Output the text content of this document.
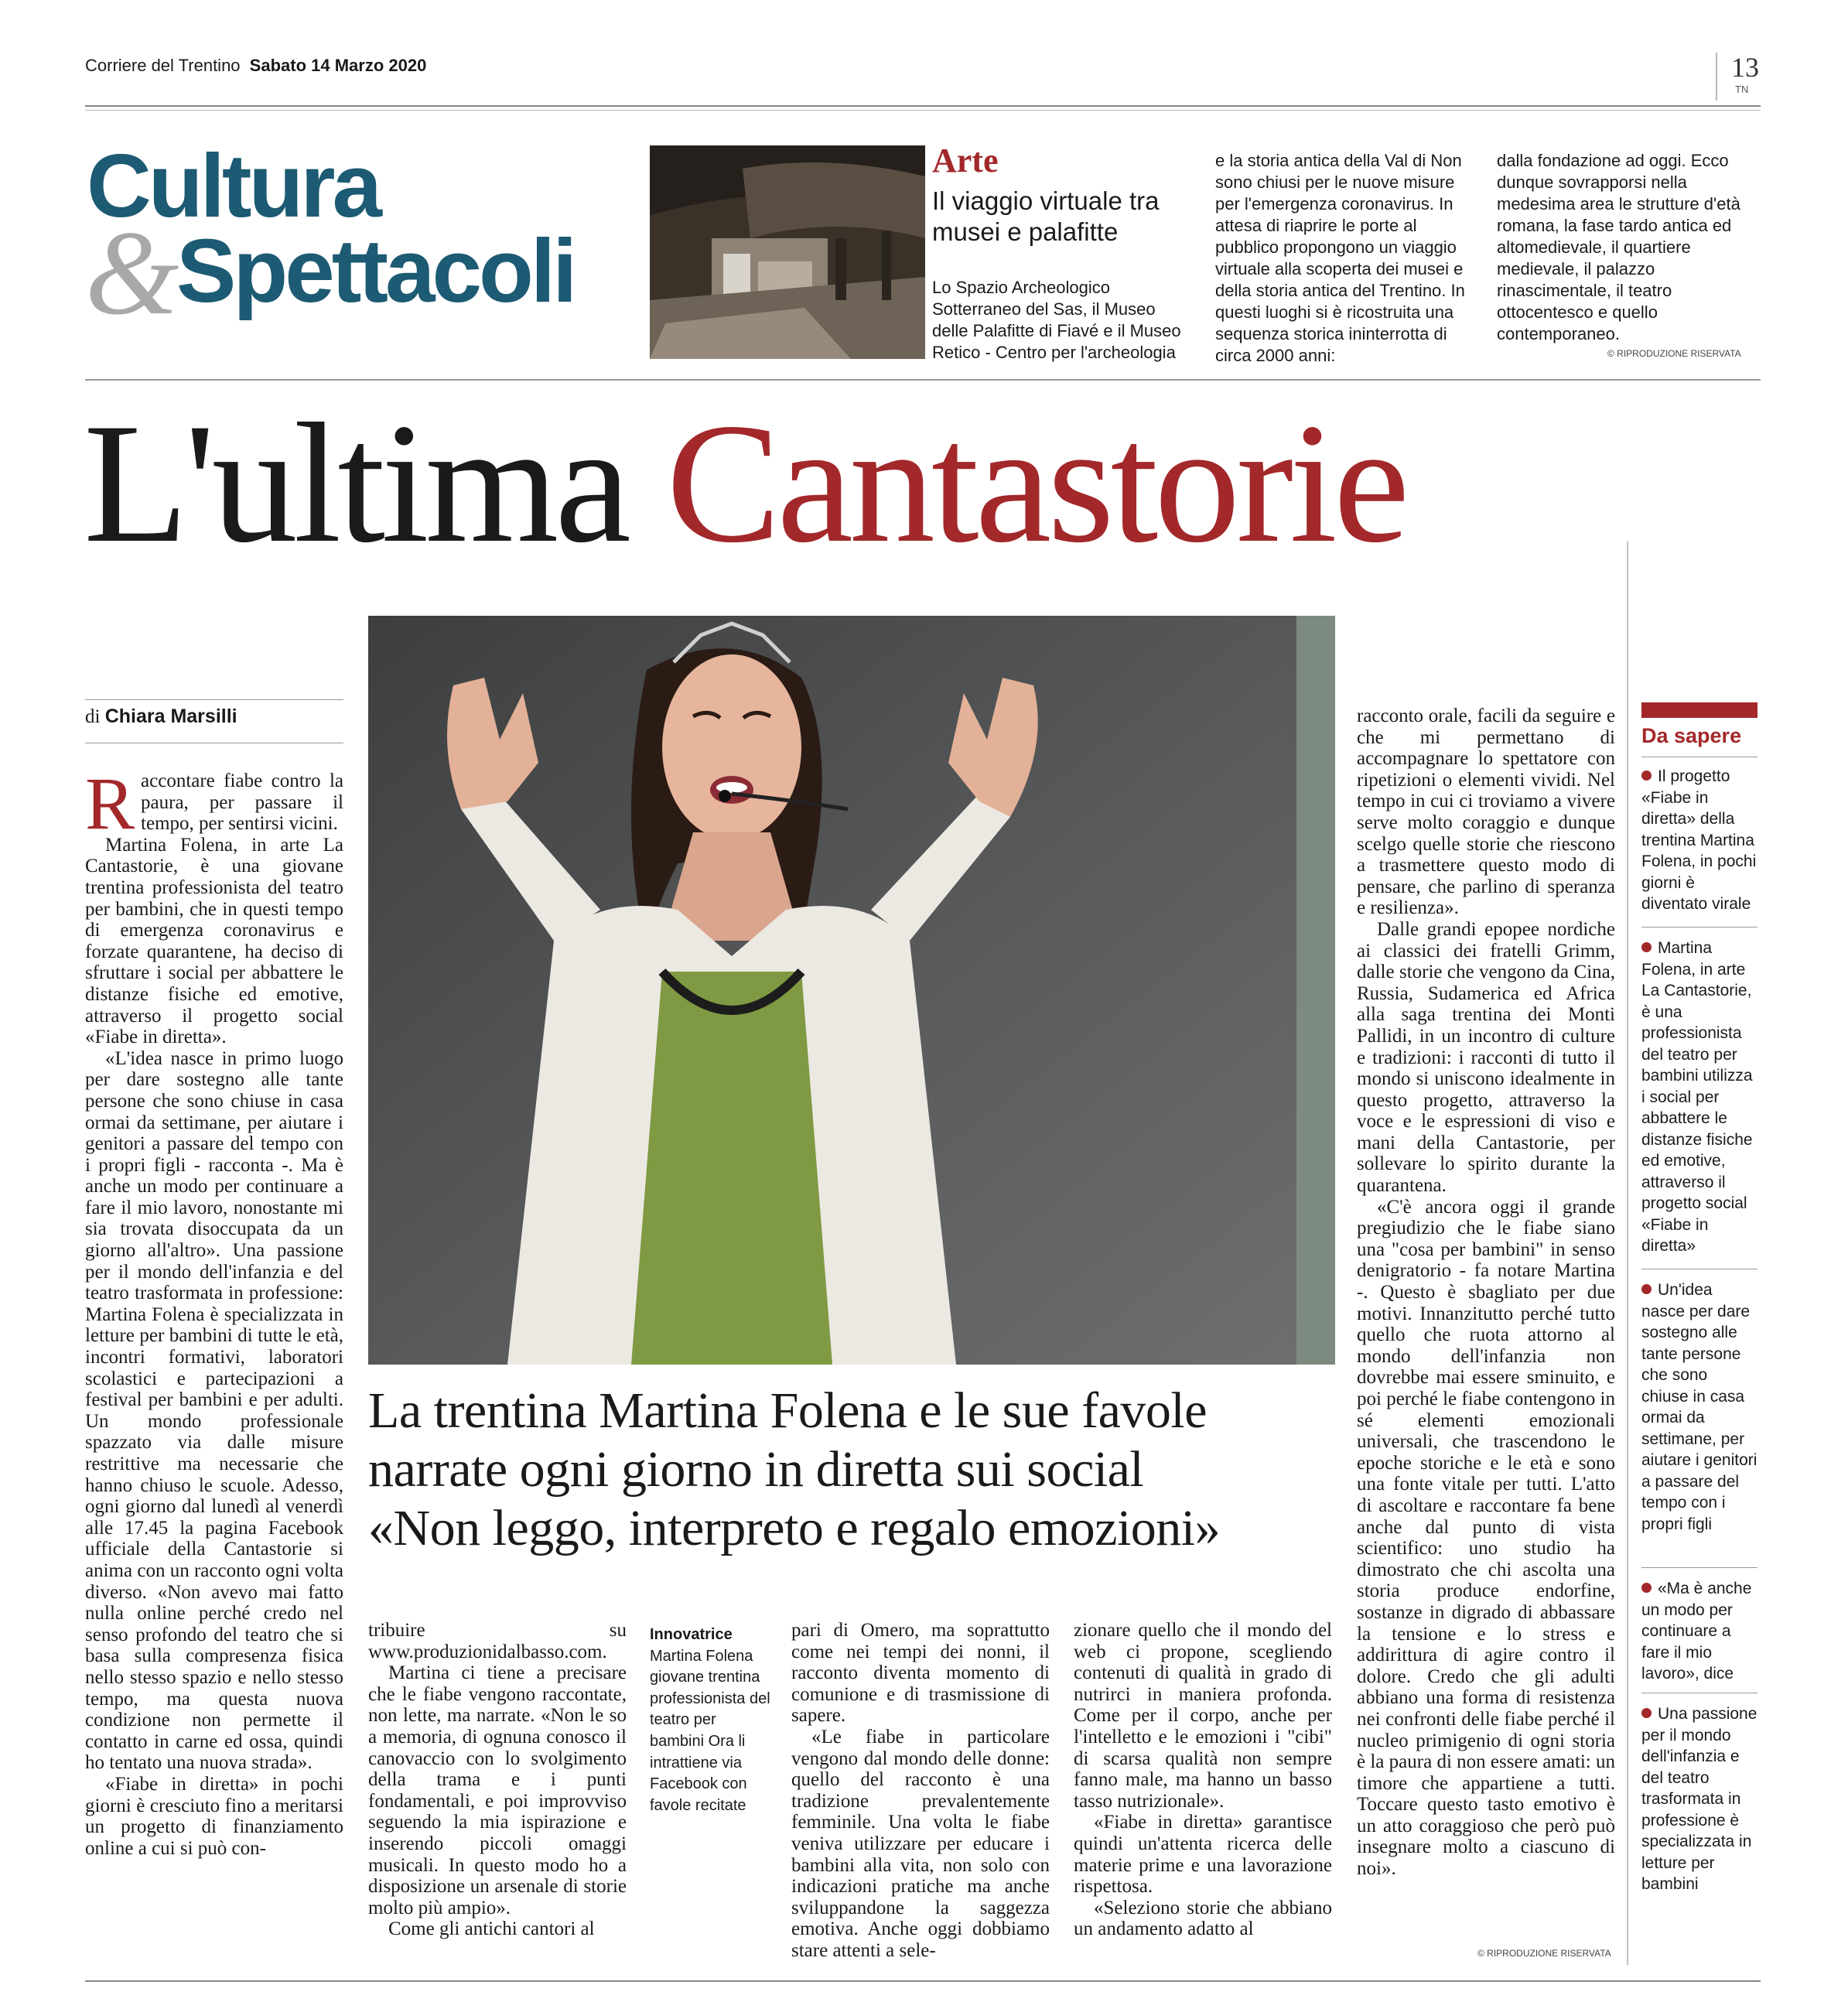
Corriere del Trentino Sabato 14 Marzo 2020	13
TN
Cultura
&
Spettacoli
Arte
Il viaggio virtuale tra musei e palafitte
Lo Spazio Archeologico Sotterraneo del Sas, il Museo delle Palafitte di Fiavé e il Museo Retico - Centro per l'archeologia
e la storia antica della Val di Non sono chiusi per le nuove misure per l'emergenza coronavirus. In attesa di riaprire le porte al pubblico propongono un viaggio virtuale alla scoperta dei musei e della storia antica del Trentino. In questi luoghi si è ricostruita una sequenza storica ininterrotta di circa 2000 anni:
dalla fondazione ad oggi. Ecco dunque sovrapporsi nella medesima area le strutture d'età romana, la fase tardo antica ed altomedievale, il quartiere medievale, il palazzo rinascimentale, il teatro ottocentesco e quello contemporaneo.
© RIPRODUZIONE RISERVATA
L'ultima Cantastorie
La trentina Martina Folena e le sue favole
narrate ogni giorno in diretta sui social
«Non leggo, interpreto e regalo emozioni»
di Chiara Marsilli

Raccontare fiabe contro la paura, per passare il tempo, per sentirsi vicini.

Martina Folena, in arte La Cantastorie, è una giovane trentina professionista del teatro per bambini, che in questi tempo di emergenza coronavirus e forzate quarantene, ha deciso di sfruttare i social per abbattere le distanze fisiche ed emotive, attraverso il progetto social «Fiabe in diretta».

«L'idea nasce in primo luogo per dare sostegno alle tante persone che sono chiuse in casa ormai da settimane, per aiutare i genitori a passare del tempo con i propri figli - racconta -. Ma è anche un modo per continuare a fare il mio lavoro, nonostante mi sia trovata disoccupata da un giorno all'altro». Una passione per il mondo dell'infanzia e del teatro trasformata in professione: Martina Folena è specializzata in letture per bambini di tutte le età, incontri formativi, laboratori scolastici e partecipazioni a festival per bambini e per adulti. Un mondo professionale spazzato via dalle misure restrittive ma necessarie che hanno chiuso le scuole. Adesso, ogni giorno dal lunedì al venerdì alle 17.45 la pagina Facebook ufficiale della Cantastorie si anima con un racconto ogni volta diverso. «Non avevo mai fatto nulla online perché credo nel senso profondo del teatro che si basa sulla compresenza fisica nello stesso spazio e nello stesso tempo, ma questa nuova condizione non permette il contatto in carne ed ossa, quindi ho tentato una nuova strada».

«Fiabe in diretta» in pochi giorni è cresciuto fino a meritarsi un progetto di finanziamento online a cui si può con-

tribuire su www.produzionidalbasso.com.

Martina ci tiene a precisare che le fiabe vengono raccontate, non lette, ma narrate. «Non le so a memoria, di ognuna conosco il canovaccio con lo svolgimento della trama e i punti fondamentali, e poi improvviso seguendo la mia ispirazione e inserendo piccoli omaggi musicali. In questo modo ho a disposizione un arsenale di storie molto più ampio».

Come gli antichi cantori al

Innovatrice
Martina Folena giovane trentina professionista del teatro per bambini Ora li intrattiene via Facebook con favole recitate

pari di Omero, ma soprattutto come nei tempi dei nonni, il racconto diventa momento di comunione e di trasmissione di sapere.

«Le fiabe in particolare vengono dal mondo delle donne: quello del racconto è una tradizione prevalentemente femminile. Una volta le fiabe veniva utilizzare per educare i bambini alla vita, non solo con indicazioni pratiche ma anche sviluppandone la saggezza emotiva. Anche oggi dobbiamo stare attenti a sele-

zionare quello che il mondo del web ci propone, scegliendo contenuti di qualità in grado di nutrirci in maniera profonda. Come per il corpo, anche per l'intelletto e le emozioni i "cibi" di scarsa qualità non sempre fanno male, ma hanno un basso tasso nutrizionale».

«Fiabe in diretta» garantisce quindi un'attenta ricerca delle materie prime e una lavorazione rispettosa.

«Seleziono storie che abbiano un andamento adatto al

racconto orale, facili da seguire e che mi permettano di accompagnare lo spettatore con ripetizioni o elementi vividi. Nel tempo in cui ci troviamo a vivere serve molto coraggio e dunque scelgo quelle storie che riescono a trasmettere questo modo di pensare, che parlino di speranza e resilienza».

Dalle grandi epopee nordiche ai classici dei fratelli Grimm, dalle storie che vengono da Cina, Russia, Sudamerica ed Africa alla saga trentina dei Monti Pallidi, in un incontro di culture e tradizioni: i racconti di tutto il mondo si uniscono idealmente in questo progetto, attraverso la voce e le espressioni di viso e mani della Cantastorie, per sollevare lo spirito durante la quarantena.

«C'è ancora oggi il grande pregiudizio che le fiabe siano una "cosa per bambini" in senso denigratorio - fa notare Martina -. Questo è sbagliato per due motivi. Innanzitutto perché tutto quello che ruota attorno al mondo dell'infanzia non dovrebbe mai essere sminuito, e poi perché le fiabe contengono in sé elementi emozionali universali, che trascendono le epoche storiche e le età e sono una fonte vitale per tutti. L'atto di ascoltare e raccontare fa bene anche dal punto di vista scientifico: uno studio ha dimostrato che chi ascolta una storia produce endorfine, sostanze in digrado di abbassare la tensione e lo stress e addirittura di agire contro il dolore. Credo che gli adulti abbiano una forma di resistenza nei confronti delle fiabe perché il nucleo primigenio di ogni storia è la paura di non essere amati: un timore che appartiene a tutti. Toccare questo tasto emotivo è un atto coraggioso che però può insegnare molto a ciascuno di noi».

© RIPRODUZIONE RISERVATA
Da sapere
Il progetto «Fiabe in diretta» della trentina Martina Folena, in pochi giorni è diventato virale
Martina Folena, in arte La Cantastorie, è una professionista del teatro per bambini utilizza i social per abbattere le distanze fisiche ed emotive, attraverso il progetto social «Fiabe in diretta»
Un'idea nasce per dare sostegno alle tante persone che sono chiuse in casa ormai da settimane, per aiutare i genitori a passare del tempo con i propri figli
«Ma è anche un modo per continuare a fare il mio lavoro», dice
Una passione per il mondo dell'infanzia e del teatro trasformata in professione è specializzata in letture per bambini
